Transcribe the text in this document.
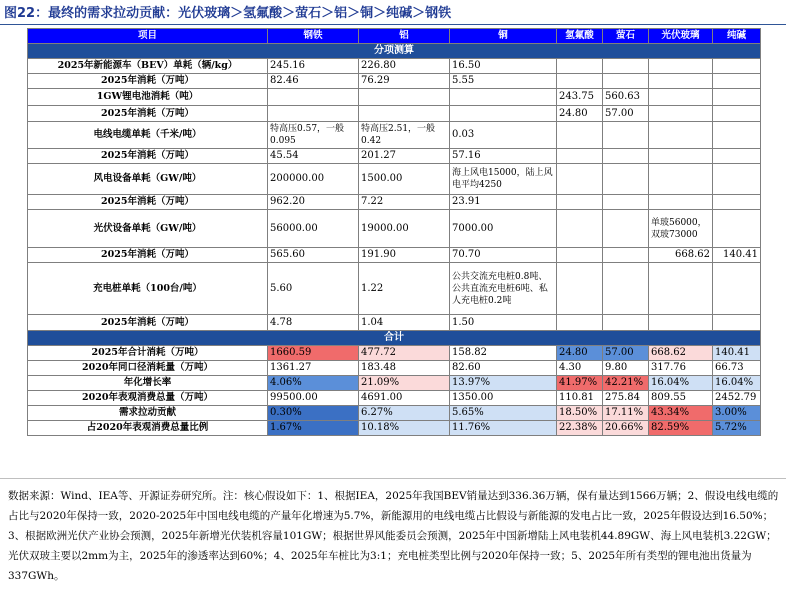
图22：最终的需求拉动贡献：光伏玻璃＞氢氟酸＞萤石＞铝＞铜＞纯碱＞钢铁
项目	钢铁	铝	铜	氢氟酸	萤石	光伏玻璃	纯碱
分项测算							
2025年新能源车（BEV）单耗（辆/kg）	245.16	226.80	16.50				
2025年消耗（万吨）	82.46	76.29	5.55				
1GW锂电池消耗（吨）				243.75	560.63		
2025年消耗（万吨）				24.80	57.00		
电线电缆单耗（千米/吨）	特高压0.57，一般0.095	特高压2.51，一般0.42	0.03				
2025年消耗（万吨）	45.54	201.27	57.16				
风电设备单耗（GW/吨）	200000.00	1500.00	海上风电15000，陆上风电平均4250				
2025年消耗（万吨）	962.20	7.22	23.91				
光伏设备单耗（GW/吨）	56000.00	19000.00	7000.00			单玻56000，双玻73000	
2025年消耗（万吨）	565.60	191.90	70.70			668.62	140.41
充电桩单耗（100台/吨）	5.60	1.22	公共交流充电桩0.8吨、公共直流充电桩6吨、私人充电桩0.2吨				
2025年消耗（万吨）	4.78	1.04	1.50				
合计							
2025年合计消耗（万吨）	1660.59	477.72	158.82	24.80	57.00	668.62	140.41
2020年同口径消耗量（万吨）	1361.27	183.48	82.60	4.30	9.80	317.76	66.73
年化增长率	4.06%	21.09%	13.97%	41.97%	42.21%	16.04%	16.04%
2020年表观消费总量（万吨）	99500.00	4691.00	1350.00	110.81	275.84	809.55	2452.79
需求拉动贡献	0.30%	6.27%	5.65%	18.50%	17.11%	43.34%	3.00%
占2020年表观消费总量比例	1.67%	10.18%	11.76%	22.38%	20.66%	82.59%	5.72%
数据来源：Wind、IEA等、开源证券研究所。注：核心假设如下：1、根据IEA，2025年我国BEV销量达到336.36万辆，保有量达到1566万辆；2、假设电线电缆的占比与2020年保持一致，2020-2025年中国电线电缆的产量年化增速为5.7%，新能源用的电线电缆占比假设与新能源的发电占比一致，2025年假设达到16.50%；3、根据欧洲光伏产业协会预测，2025年新增光伏装机容量101GW；根据世界风能委员会预测，2025年中国新增陆上风电装机44.89GW、海上风电装机3.22GW；光伏双玻主要以2mm为主，2025年的渗透率达到60%；4、2025年车桩比为3:1；充电桩类型比例与2020年保持一致；5、2025年所有类型的锂电池出货量为337GWh。
